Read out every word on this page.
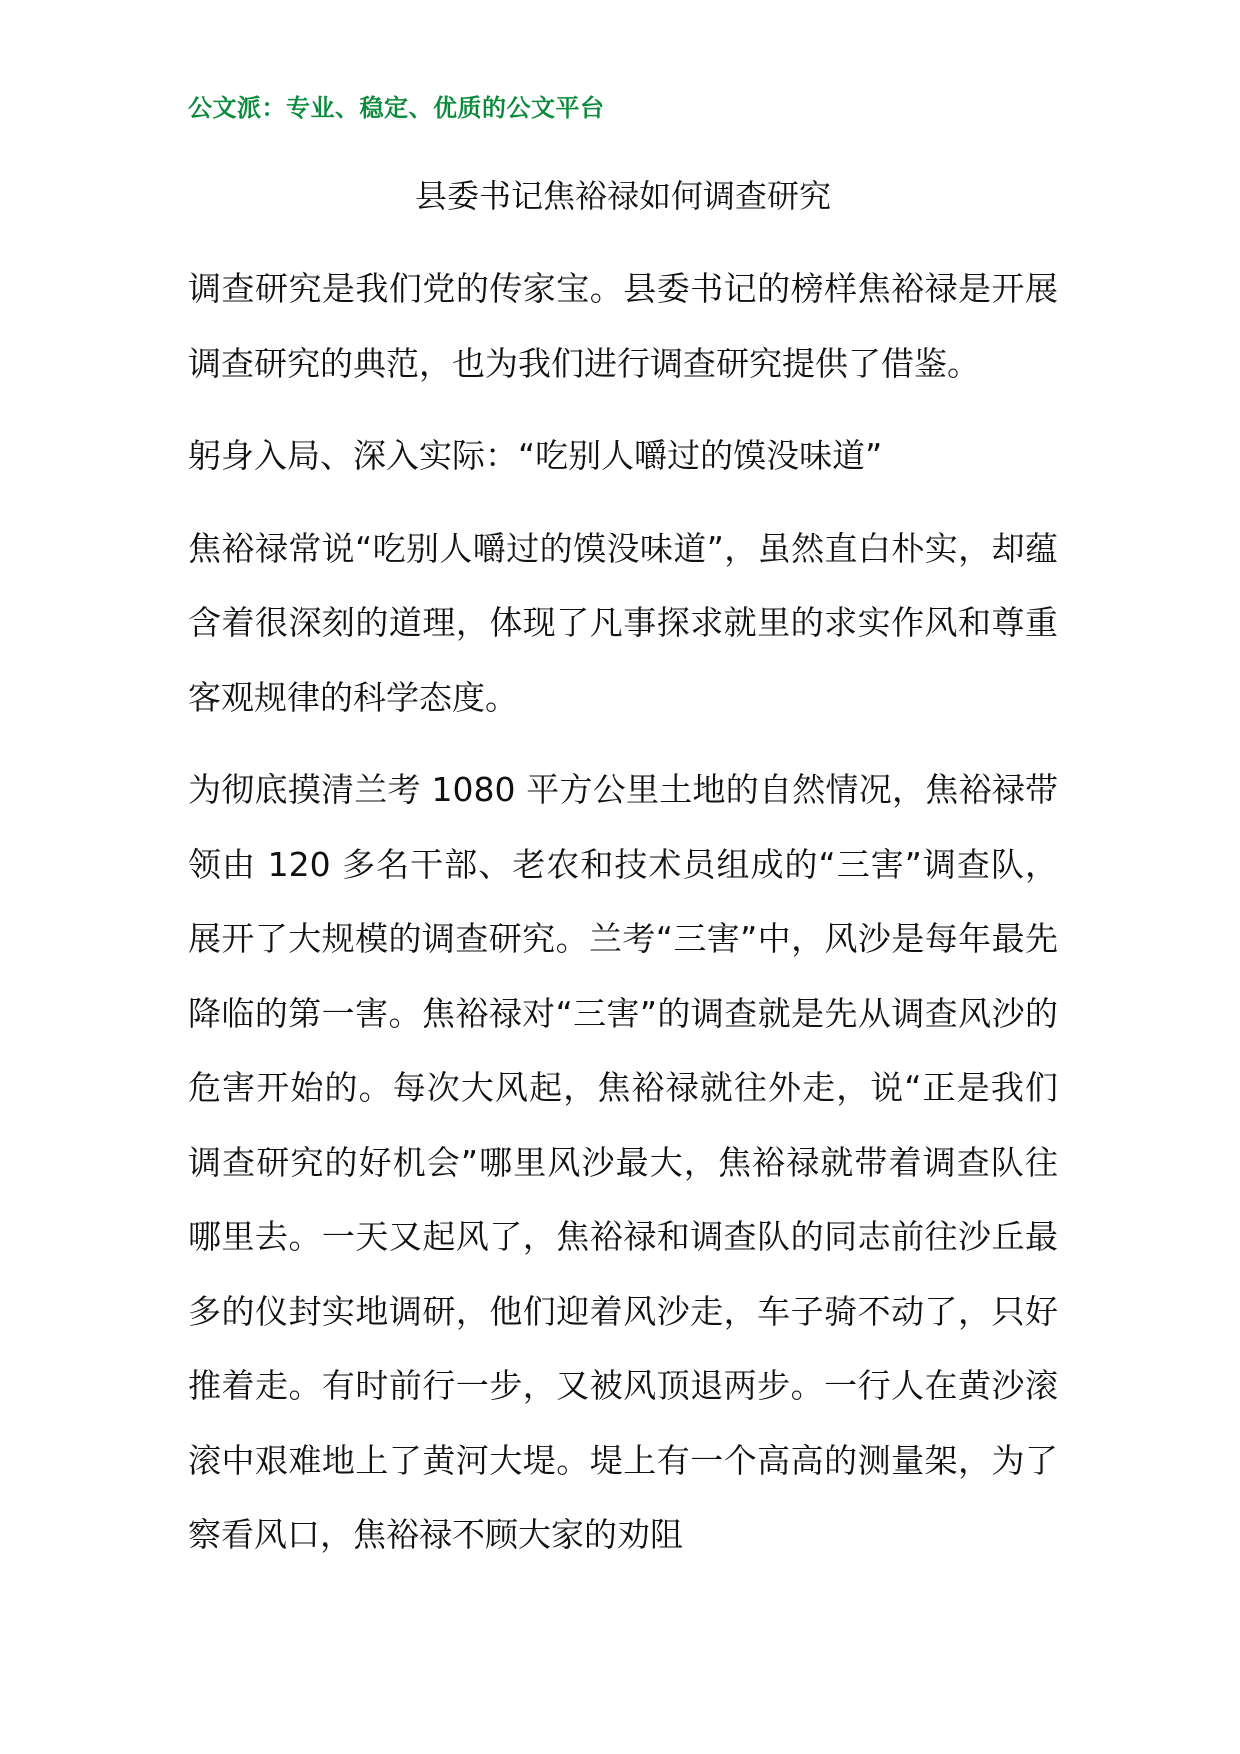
公文派：专业、稳定、优质的公文平台
县委书记焦裕禄如何调查研究

调查研究是我们党的传家宝。县委书记的榜样焦裕禄是开展调查研究的典范，也为我们进行调查研究提供了借鉴。

躬身入局、深入实际：“吃别人嚼过的馍没味道”

焦裕禄常说“吃别人嚼过的馍没味道”，虽然直白朴实，却蕴含着很深刻的道理，体现了凡事探求就里的求实作风和尊重客观规律的科学态度。

为彻底摸清兰考 1080 平方公里土地的自然情况，焦裕禄带领由 120 多名干部、老农和技术员组成的“三害”调查队，展开了大规模的调查研究。兰考“三害”中，风沙是每年最先降临的第一害。焦裕禄对“三害”的调查就是先从调查风沙的危害开始的。每次大风起，焦裕禄就往外走，说“正是我们调查研究的好机会”哪里风沙最大，焦裕禄就带着调查队往哪里去。一天又起风了，焦裕禄和调查队的同志前往沙丘最多的仪封实地调研，他们迎着风沙走，车子骑不动了，只好推着走。有时前行一步，又被风顶退两步。一行人在黄沙滚滚中艰难地上了黄河大堤。堤上有一个高高的测量架，为了察看风口，焦裕禄不顾大家的劝阻
